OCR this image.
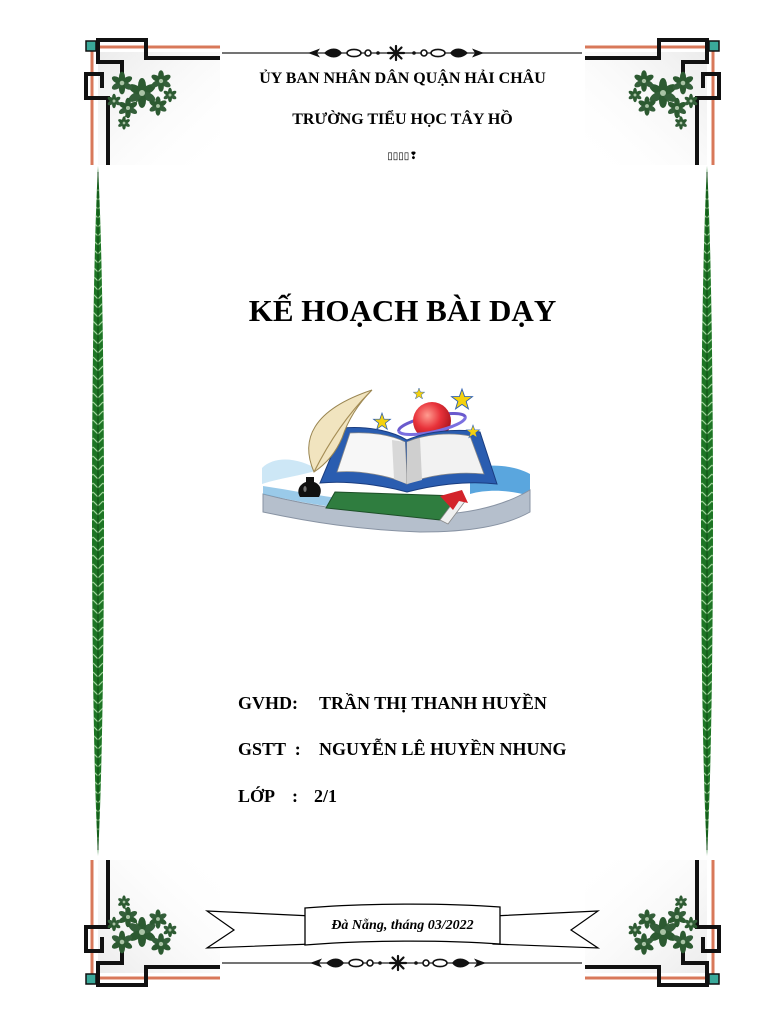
ỦY BAN NHÂN DÂN QUẬN HẢI CHÂU
TRƯỜNG TIỂU HỌC TÂY HỒ
▯▯▯▯❢
KẾ HOẠCH BÀI DẠY

GVHD:

TRẦN THỊ THANH HUYỀN

GSTT  :

NGUYỄN LÊ HUYỀN NHUNG

LỚP    :

2/1

Đà Nẵng, tháng 03/2022
